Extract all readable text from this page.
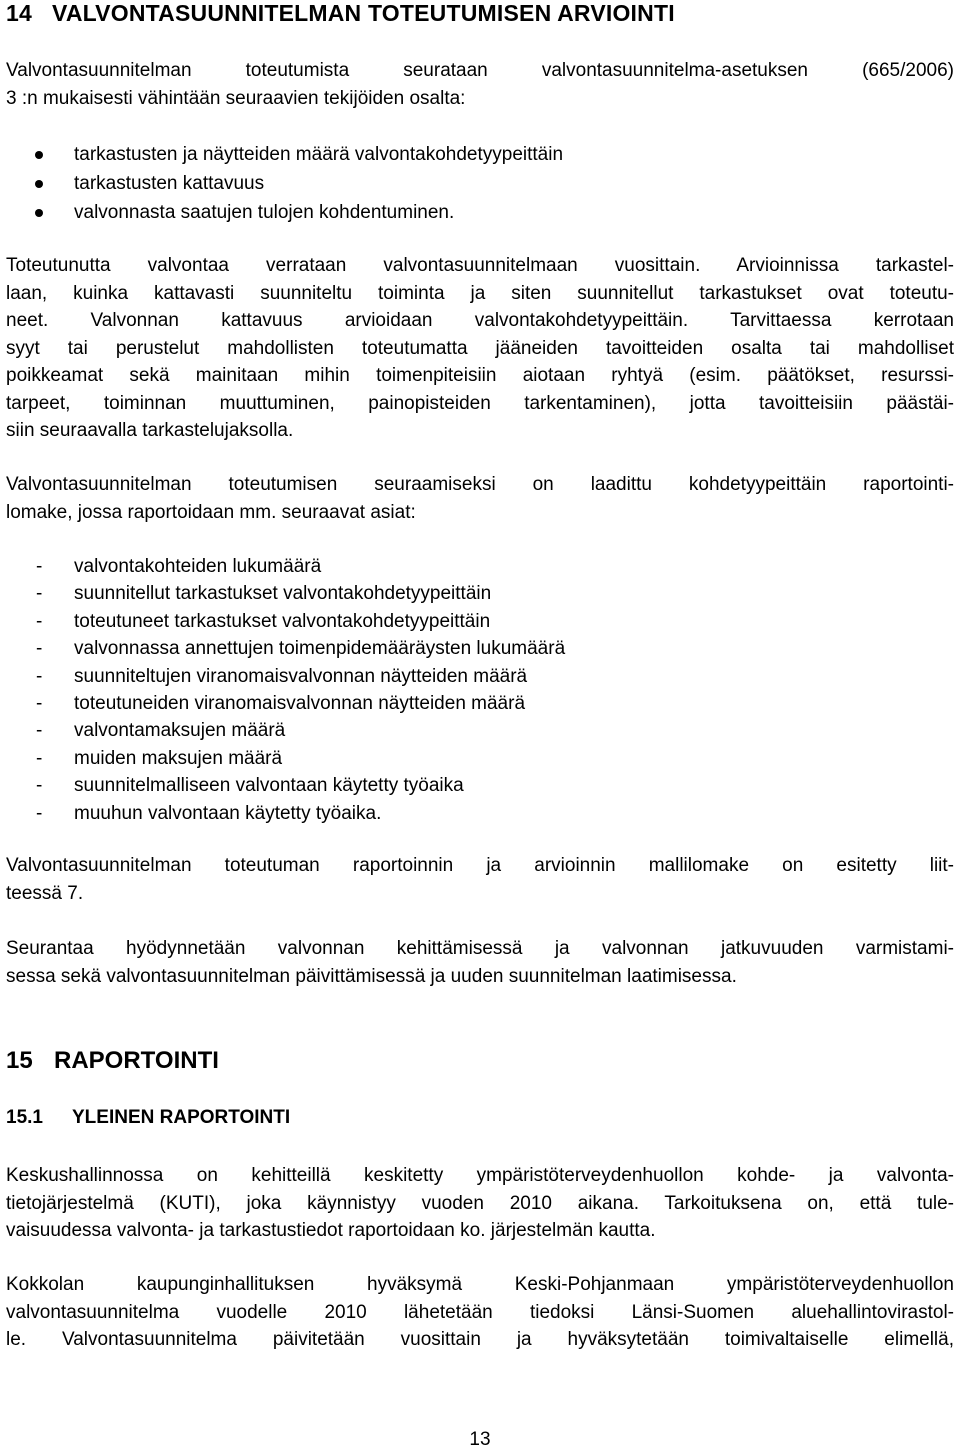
14 VALVONTASUUNNITELMAN TOTEUTUMISEN ARVIOINTI
Valvontasuunnitelman toteutumista seurataan valvontasuunnitelma-asetuksen (665/2006)
3 :n mukaisesti vähintään seuraavien tekijöiden osalta:
tarkastusten ja näytteiden määrä valvontakohdetyypeittäin
tarkastusten kattavuus
valvonnasta saatujen tulojen kohdentuminen.
Toteutunutta valvontaa verrataan valvontasuunnitelmaan vuosittain. Arvioinnissa tarkastel-
laan, kuinka kattavasti suunniteltu toiminta ja siten suunnitellut tarkastukset ovat toteutu-
neet. Valvonnan kattavuus arvioidaan valvontakohdetyypeittäin. Tarvittaessa kerrotaan
syyt tai perustelut mahdollisten toteutumatta jääneiden tavoitteiden osalta tai mahdolliset
poikkeamat sekä mainitaan mihin toimenpiteisiin aiotaan ryhtyä (esim. päätökset, resurssi-
tarpeet, toiminnan muuttuminen, painopisteiden tarkentaminen), jotta tavoitteisiin päästäi-
siin seuraavalla tarkastelujaksolla.
Valvontasuunnitelman toteutumisen seuraamiseksi on laadittu kohdetyypeittäin raportointi-
lomake, jossa raportoidaan mm. seuraavat asiat:
- valvontakohteiden lukumäärä
- suunnitellut tarkastukset valvontakohdetyypeittäin
- toteutuneet tarkastukset valvontakohdetyypeittäin
- valvonnassa annettujen toimenpidemääräysten lukumäärä
- suunniteltujen viranomaisvalvonnan näytteiden määrä
- toteutuneiden viranomaisvalvonnan näytteiden määrä
- valvontamaksujen määrä
- muiden maksujen määrä
- suunnitelmalliseen valvontaan käytetty työaika
- muuhun valvontaan käytetty työaika.
Valvontasuunnitelman toteutuman raportoinnin ja arvioinnin mallilomake on esitetty liit-
teessä 7.
Seurantaa hyödynnetään valvonnan kehittämisessä ja valvonnan jatkuvuuden varmistami-
sessa sekä valvontasuunnitelman päivittämisessä ja uuden suunnitelman laatimisessa.
15 RAPORTOINTI
15.1 YLEINEN RAPORTOINTI
Keskushallinnossa on kehitteillä keskitetty ympäristöterveydenhuollon kohde- ja valvonta-
tietojärjestelmä (KUTI), joka käynnistyy vuoden 2010 aikana. Tarkoituksena on, että tule-
vaisuudessa valvonta- ja tarkastustiedot raportoidaan ko. järjestelmän kautta.
Kokkolan kaupunginhallituksen hyväksymä Keski-Pohjanmaan ympäristöterveydenhuollon
valvontasuunnitelma vuodelle 2010 lähetetään tiedoksi Länsi-Suomen aluehallintovirastol-
le. Valvontasuunnitelma päivitetään vuosittain ja hyväksytetään toimivaltaiselle elimellä,
13
